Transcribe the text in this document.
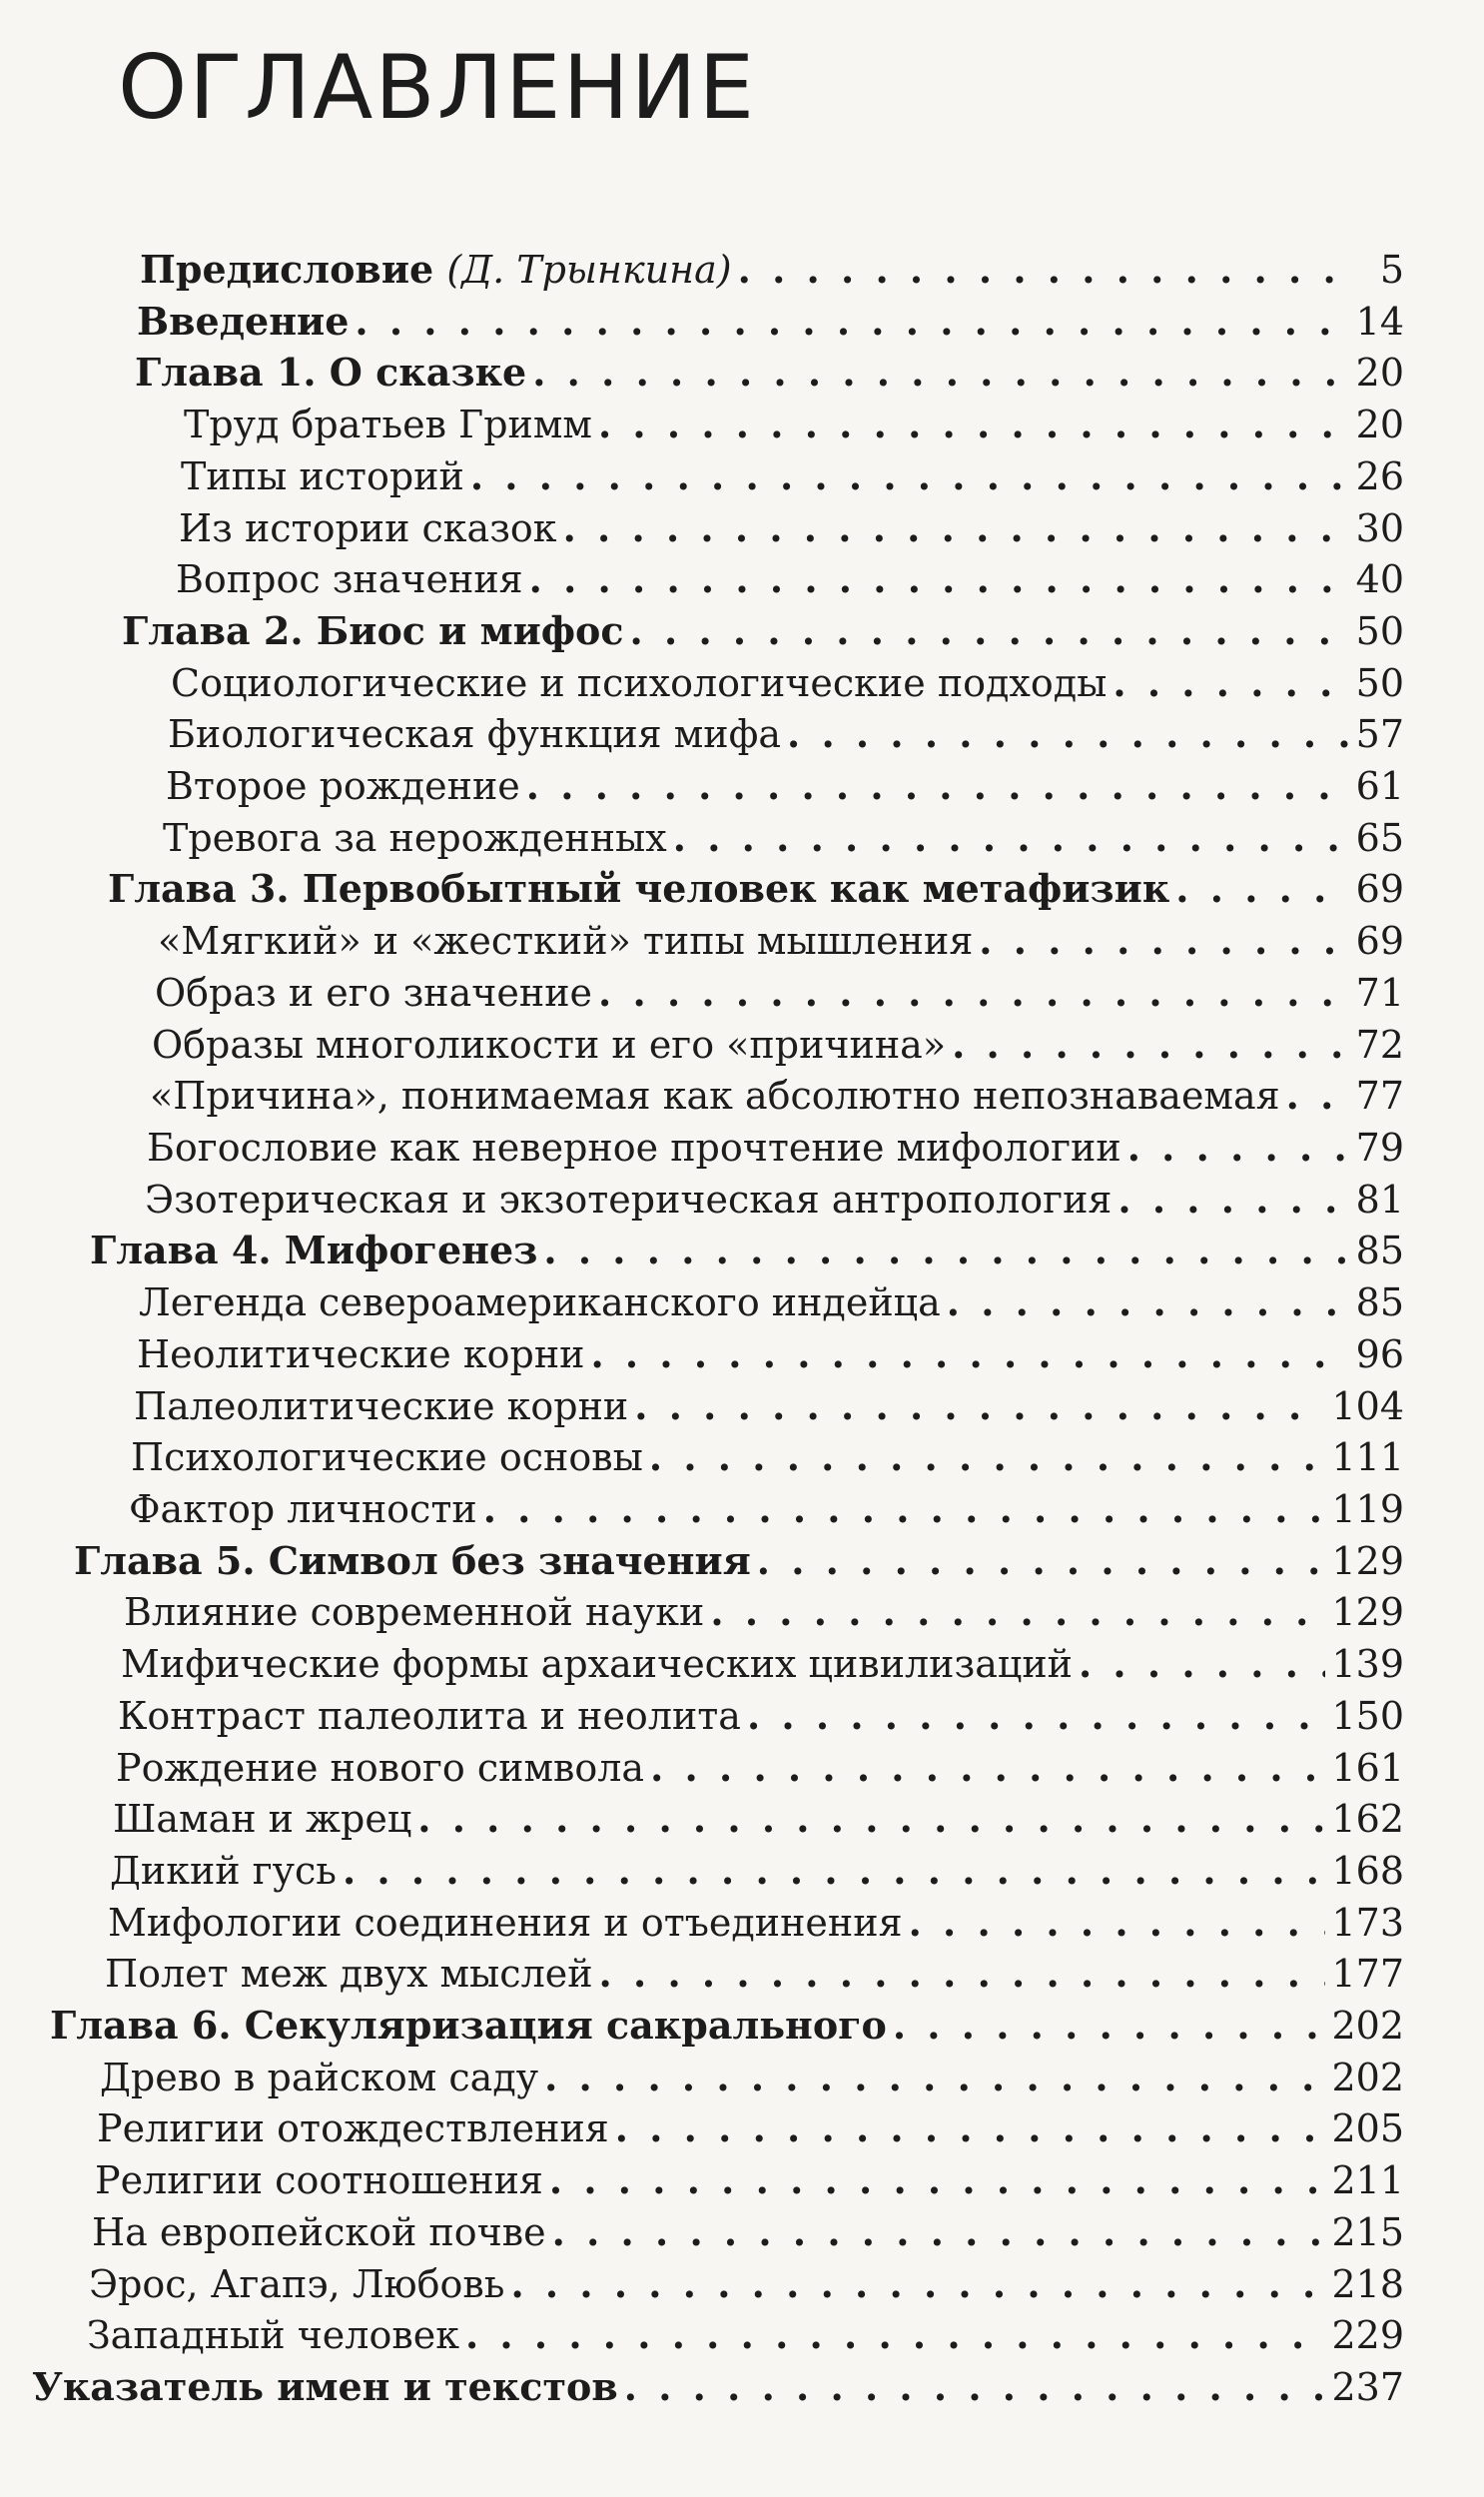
ОГЛАВЛЕНИЕ
Предисловие (Д. Трынкина) . . .	5
Введение . . .	14
Глава 1. О сказке . . .	20
Труд братьев Гримм . . .	20
Типы историй . . .	26
Из истории сказок . . .	30
Вопрос значения . . .	40
Глава 2. Биос и мифос . . .	50
Социологические и психологические подходы . . .	50
Биологическая функция мифа . . .	57
Второе рождение . . .	61
Тревога за нерожденных . . .	65
Глава 3. Первобытный человек как метафизик . . .	69
«Мягкий» и «жесткий» типы мышления . . .	69
Образ и его значение . . .	71
Образы многоликости и его «причина» . . .	72
«Причина», понимаемая как абсолютно непознаваемая . . . 77
Богословие как неверное прочтение мифологии . . .	79
Эзотерическая и экзотерическая антропология . . .	81
Глава 4. Мифогенез . . .	85
Легенда североамериканского индейца . . .	85
Неолитические корни . . .	96
Палеолитические корни . . .	104
Психологические основы . . .	111
Фактор личности . . .	119
Глава 5. Символ без значения . . .	129
Влияние современной науки . . .	129
Мифические формы архаических цивилизаций . . .	139
Контраст палеолита и неолита . . .	150
Рождение нового символа . . .	161
Шаман и жрец . . .	162
Дикий гусь . . .	168
Мифологии соединения и отъединения . . .	173
Полет меж двух мыслей . . .	177
Глава 6. Секуляризация сакрального . . .	202
Древо в райском саду . . .	202
Религии отождествления . . .	205
Религии соотношения . . .	211
На европейской почве . . .	215
Эрос, Агапэ, Любовь . . .	218
Западный человек . . .	229
Указатель имен и текстов . . .	237
